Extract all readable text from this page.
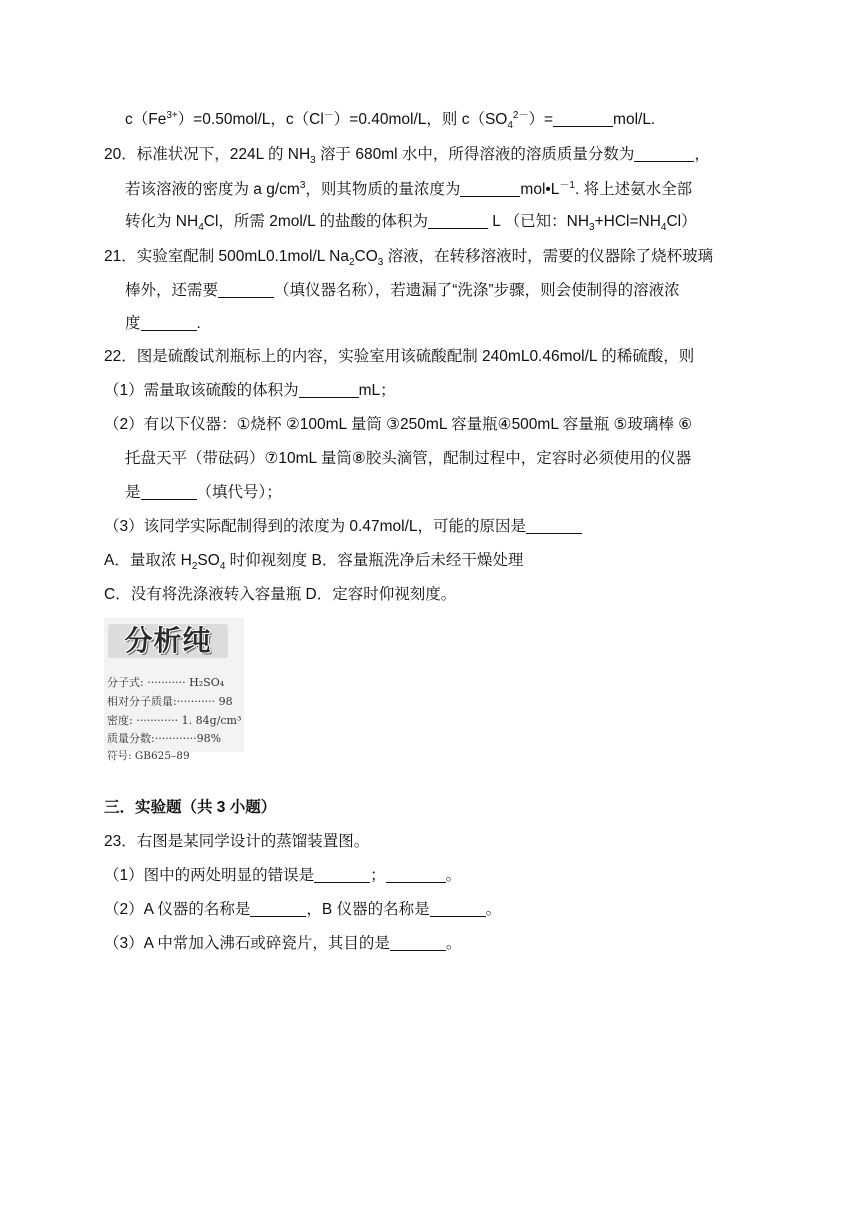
$c(Fe^{3+})=0.50mol/L$，c（Cl－）=0.40mol/L，则 $c(SO_4^{2-})=$	mol/L.
20．标准状况下，224L 的 $NH_3$ 溶于 680ml 水中，所得溶液的溶质质量分数为	，
若该溶液的密度为 a $g/cm^3$，则其物质的量浓度为	$mol•L^{-1}$. 将上述氨水全部
转化为 $NH_4Cl$，所需 2mol/L 的盐酸的体积为	L （已知：$NH_3+HCl=NH_4Cl$）
21．实验室配制 500mL0.1mol/L $Na_2CO_3$ 溶液，在转移溶液时，需要的仪器除了烧杯玻璃
棒外，还需要	（填仪器名称），若遗漏了“洗涤”步骤，则会使制得的溶液浓
度	.
22．图是硫酸试剂瓶标上的内容，实验室用该硫酸配制 240mL0.46mol/L 的稀硫酸，则
（1）需量取该硫酸的体积为	mL；
（2）有以下仪器：①烧杯 ②100mL 量筒 ③250mL 容量瓶④500mL 容量瓶 ⑤玻璃棒 ⑥
托盘天平（带砝码）⑦10mL 量筒⑧胶头滴管，配制过程中，定容时必须使用的仪器
是	（填代号）；
（3）该同学实际配制得到的浓度为 0.47mol/L，可能的原因是
A．量取浓 $H_2SO_4$ 时仰视刻度 B．容量瓶洗净后未经干燥处理
C．没有将洗涤液转入容量瓶 D．定容时仰视刻度。
分析纯
分子式: ··········· H₂SO₄
相对分子质量:··········· 98
密度: ············ 1. 84g/cm³
质量分数:············98%
符号: GB625–89
三．实验题（共 3 小题）
23．右图是某同学设计的蒸馏装置图。
（1）图中的两处明显的错误是	；	。
（2）A 仪器的名称是	，B 仪器的名称是	。
（3）A 中常加入沸石或碎瓷片，其目的是	。
